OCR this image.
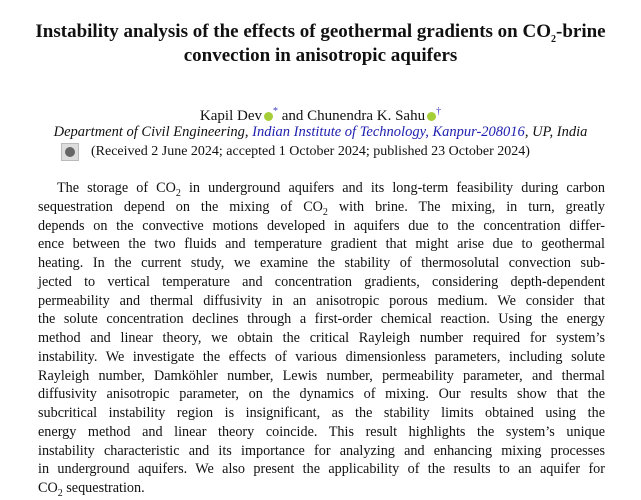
Instability analysis of the effects of geothermal gradients on $CO_2$-brine
convection in anisotropic aquifers
Kapil Dev * and Chunendra K. Sahu †
Department of Civil Engineering, Indian Institute of Technology, Kanpur-208016, UP, India
(Received 2 June 2024; accepted 1 October 2024; published 23 October 2024)
The storage of $CO_2$ in underground aquifers and its long-term feasibility during carbon
sequestration depend on the mixing of $CO_2$ with brine. The mixing, in turn, greatly
depends on the convective motions developed in aquifers due to the concentration differ-
ence between the two fluids and temperature gradient that might arise due to geothermal
heating. In the current study, we examine the stability of thermosolutal convection sub-
jected to vertical temperature and concentration gradients, considering depth-dependent
permeability and thermal diffusivity in an anisotropic porous medium. We consider that
the solute concentration declines through a first-order chemical reaction. Using the energy
method and linear theory, we obtain the critical Rayleigh number required for system’s
instability. We investigate the effects of various dimensionless parameters, including solute
Rayleigh number, Damköhler number, Lewis number, permeability parameter, and thermal
diffusivity anisotropic parameter, on the dynamics of mixing. Our results show that the
subcritical instability region is insignificant, as the stability limits obtained using the
energy method and linear theory coincide. This result highlights the system’s unique
instability characteristic and its importance for analyzing and enhancing mixing processes
in underground aquifers. We also present the applicability of the results to an aquifer for
$CO_2$ sequestration.
